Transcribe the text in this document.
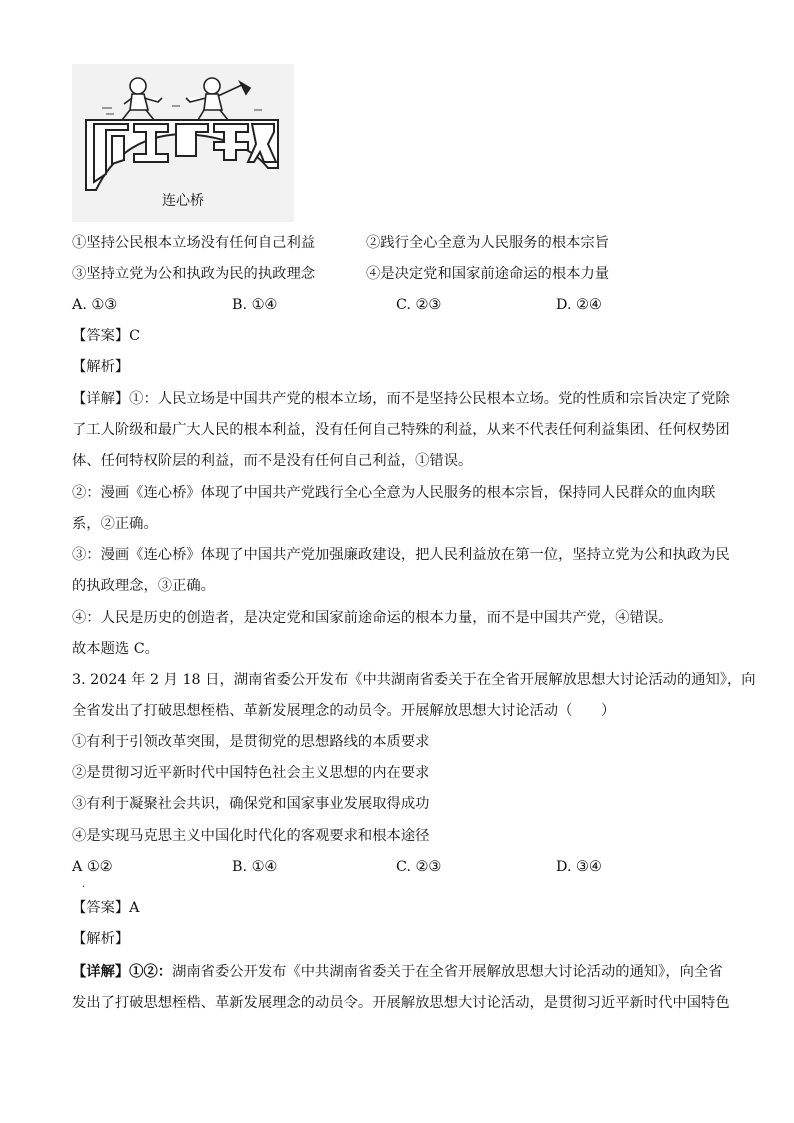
连心桥
①坚持公民根本立场没有任何自己利益	②践行全心全意为人民服务的根本宗旨
③坚持立党为公和执政为民的执政理念	④是决定党和国家前途命运的根本力量
A. ①③	B. ①④	C. ②③	D. ②④
【答案】C
【解析】
【详解】①：人民立场是中国共产党的根本立场，而不是坚持公民根本立场。党的性质和宗旨决定了党除
了工人阶级和最广大人民的根本利益，没有任何自己特殊的利益，从来不代表任何利益集团、任何权势团
体、任何特权阶层的利益，而不是没有任何自己利益，①错误。
②：漫画《连心桥》体现了中国共产党践行全心全意为人民服务的根本宗旨，保持同人民群众的血肉联
系，②正确。
③：漫画《连心桥》体现了中国共产党加强廉政建设，把人民利益放在第一位，坚持立党为公和执政为民
的执政理念，③正确。
④：人民是历史的创造者，是决定党和国家前途命运的根本力量，而不是中国共产党，④错误。
故本题选 C。
3. 2024 年 2 月 18 日，湖南省委公开发布《中共湖南省委关于在全省开展解放思想大讨论活动的通知》，向
全省发出了打破思想桎梏、革新发展理念的动员令。开展解放思想大讨论活动（　　）
①有利于引领改革突围，是贯彻党的思想路线的本质要求
②是贯彻习近平新时代中国特色社会主义思想的内在要求
③有利于凝聚社会共识，确保党和国家事业发展取得成功
④是实现马克思主义中国化时代化的客观要求和根本途径
A ①②	B. ①④	C. ②③	D. ③④
.
【答案】A
【解析】
【详解】①②：湖南省委公开发布《中共湖南省委关于在全省开展解放思想大讨论活动的通知》，向全省
发出了打破思想桎梏、革新发展理念的动员令。开展解放思想大讨论活动，是贯彻习近平新时代中国特色
